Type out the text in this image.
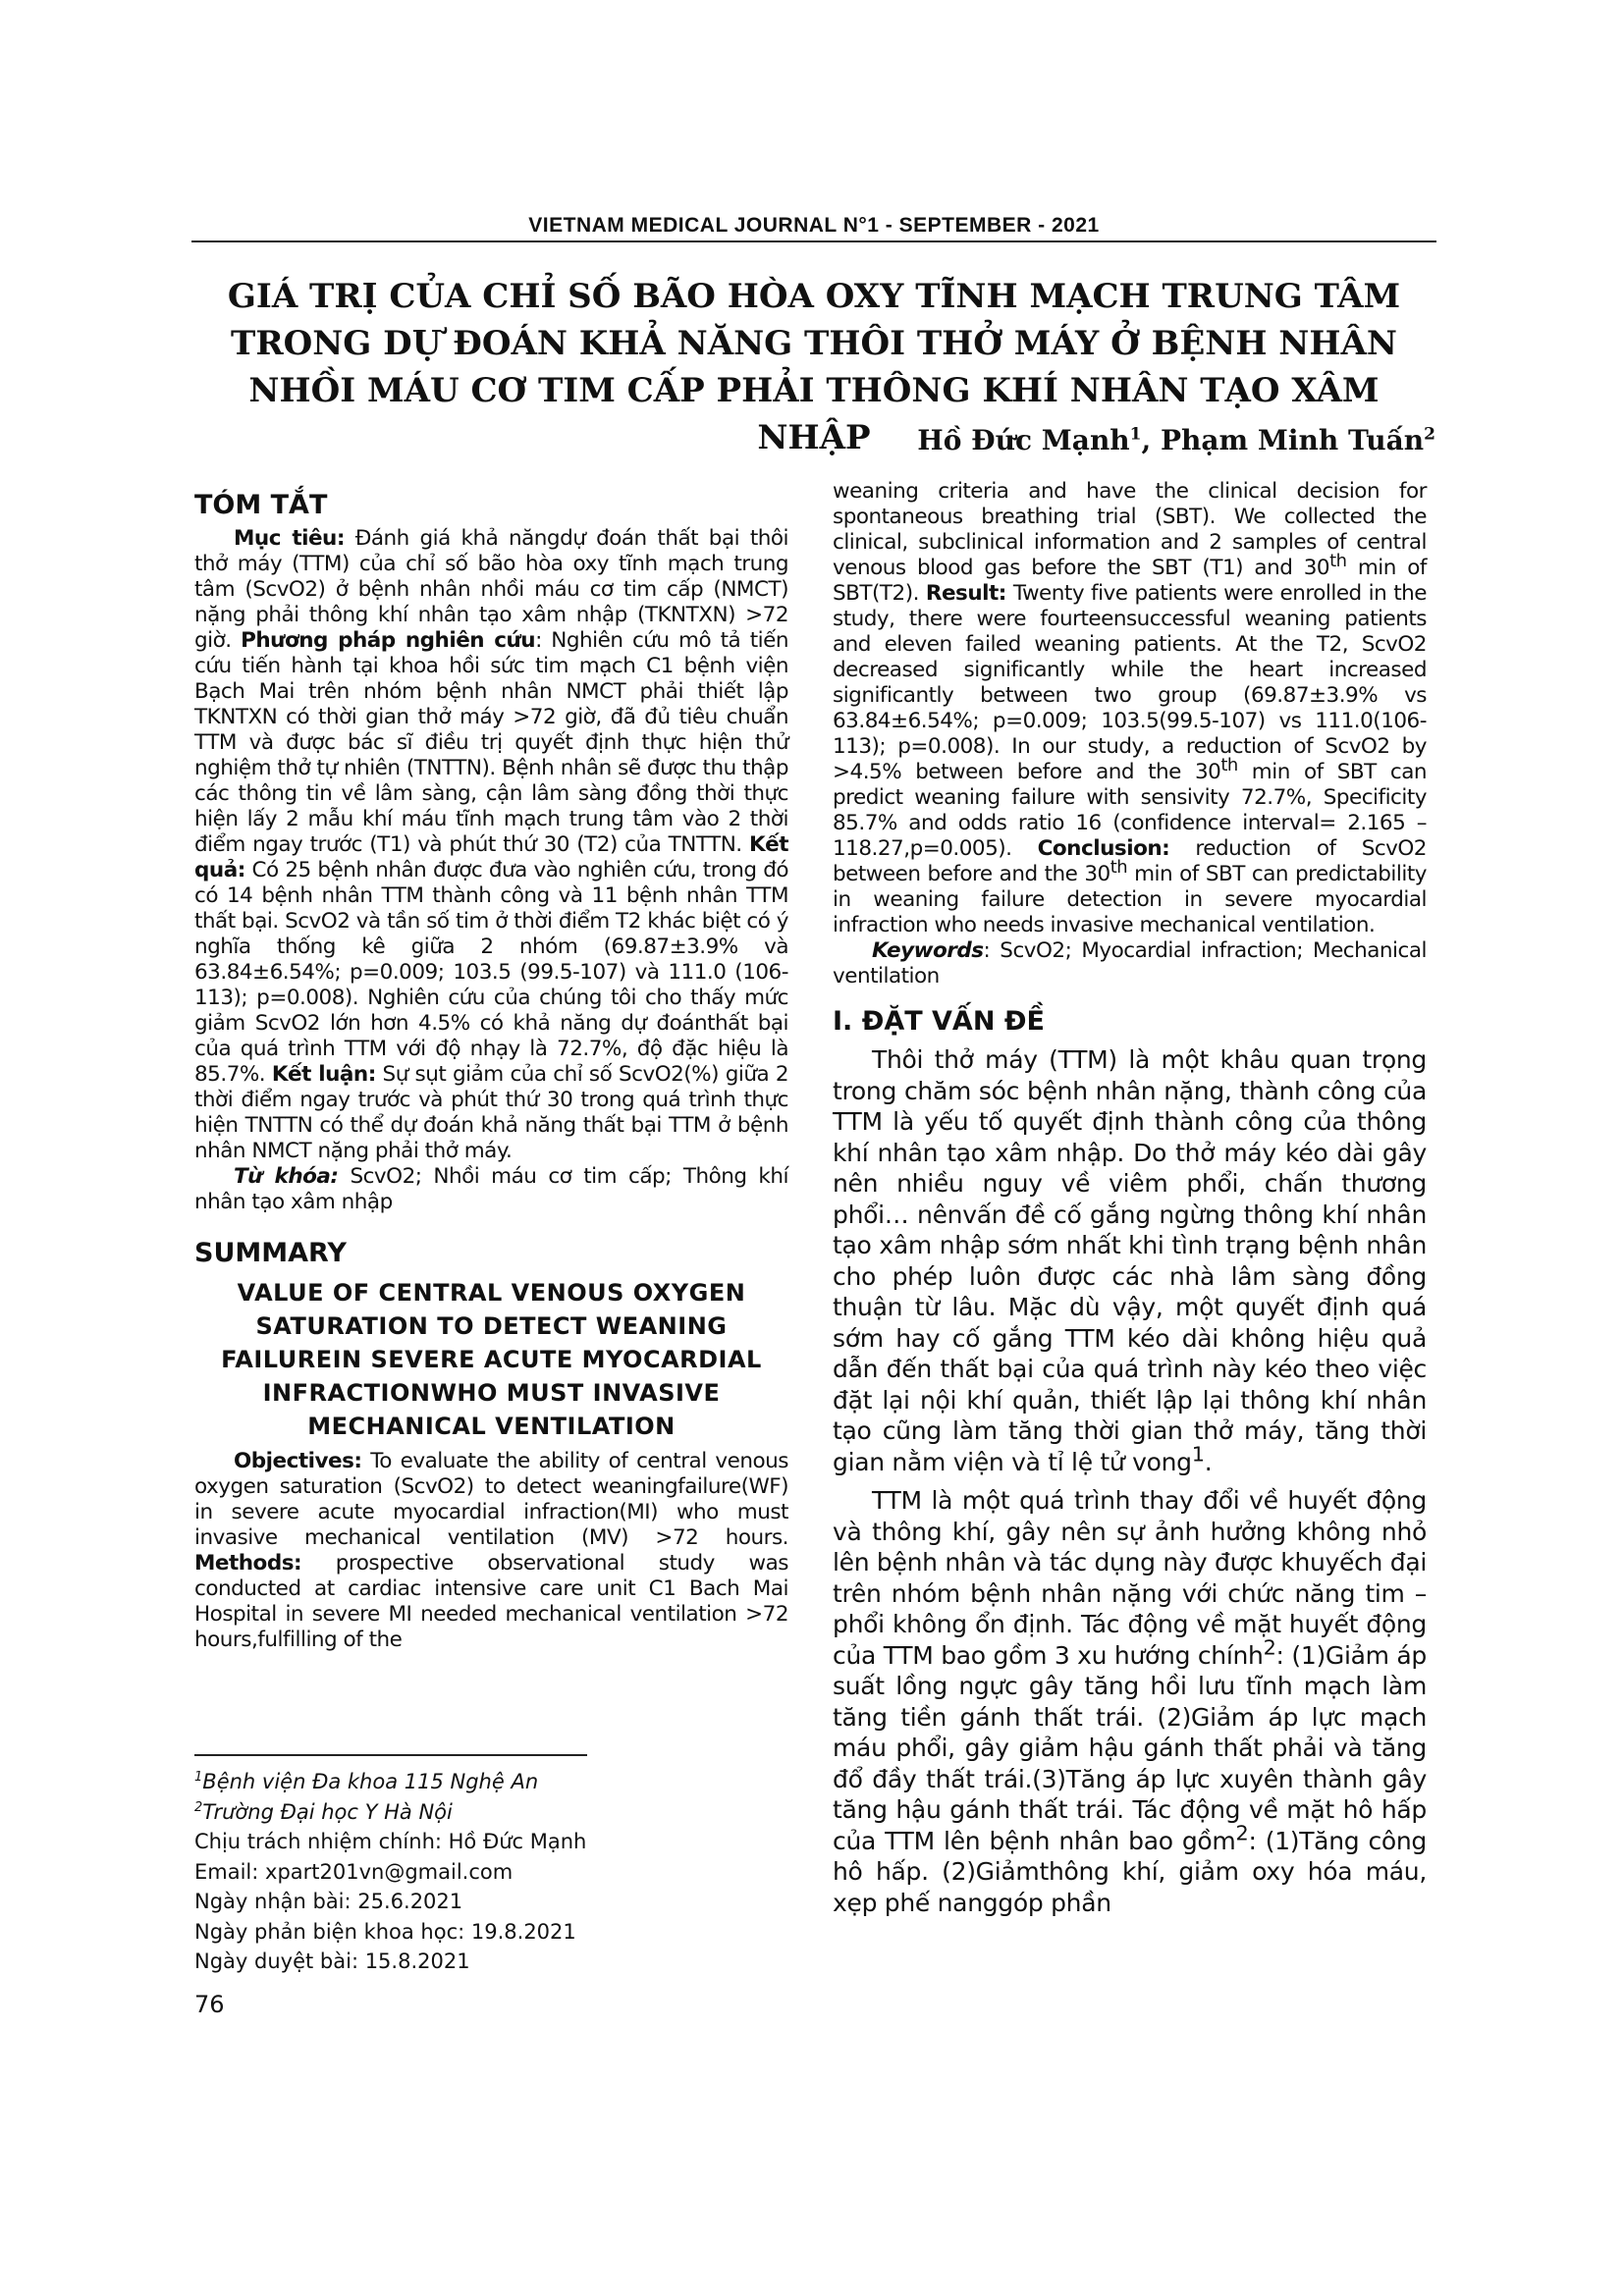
VIETNAM MEDICAL JOURNAL N°1 - SEPTEMBER - 2021
GIÁ TRỊ CỦA CHỈ SỐ BÃO HÒA OXY TĨNH MẠCH TRUNG TÂM
TRONG DỰ ĐOÁN KHẢ NĂNG THÔI THỞ MÁY Ở BỆNH NHÂN
NHỒI MÁU CƠ TIM CẤP PHẢI THÔNG KHÍ NHÂN TẠO XÂM NHẬP	Hồ Đức Mạnh$^1$, Phạm Minh Tuấn$^2$
TÓM TẮT

Mục tiêu: Đánh giá khả năngdự đoán thất bại thôi thở máy (TTM) của chỉ số bão hòa oxy tĩnh mạch trung tâm (ScvO2) ở bệnh nhân nhồi máu cơ tim cấp (NMCT) nặng phải thông khí nhân tạo xâm nhập (TKNTXN) >72 giờ. Phương pháp nghiên cứu: Nghiên cứu mô tả tiến cứu tiến hành tại khoa hồi sức tim mạch C1 bệnh viện Bạch Mai trên nhóm bệnh nhân NMCT phải thiết lập TKNTXN có thời gian thở máy >72 giờ, đã đủ tiêu chuẩn TTM và được bác sĩ điều trị quyết định thực hiện thử nghiệm thở tự nhiên (TNTTN). Bệnh nhân sẽ được thu thập các thông tin về lâm sàng, cận lâm sàng đồng thời thực hiện lấy 2 mẫu khí máu tĩnh mạch trung tâm vào 2 thời điểm ngay trước (T1) và phút thứ 30 (T2) của TNTTN. Kết quả: Có 25 bệnh nhân được đưa vào nghiên cứu, trong đó có 14 bệnh nhân TTM thành công và 11 bệnh nhân TTM thất bại. ScvO2 và tần số tim ở thời điểm T2 khác biệt có ý nghĩa thống kê giữa 2 nhóm (69.87±3.9% và 63.84±6.54%; p=0.009; 103.5 (99.5-107) và 111.0 (106-113); p=0.008). Nghiên cứu của chúng tôi cho thấy mức giảm ScvO2 lớn hơn 4.5% có khả năng dự đoánthất bại của quá trình TTM với độ nhạy là 72.7%, độ đặc hiệu là 85.7%. Kết luận: Sự sụt giảm của chỉ số ScvO2(%) giữa 2 thời điểm ngay trước và phút thứ 30 trong quá trình thực hiện TNTTN có thể dự đoán khả năng thất bại TTM ở bệnh nhân NMCT nặng phải thở máy.

Từ khóa: ScvO2; Nhồi máu cơ tim cấp; Thông khí nhân tạo xâm nhập

SUMMARY
VALUE OF CENTRAL VENOUS OXYGEN SATURATION TO DETECT WEANING FAILUREIN SEVERE ACUTE MYOCARDIAL INFRACTIONWHO MUST INVASIVE MECHANICAL VENTILATION

Objectives: To evaluate the ability of central venous oxygen saturation (ScvO2) to detect weaningfailure(WF) in severe acute myocardial infraction(MI) who must invasive mechanical ventilation (MV) >72 hours. Methods: prospective observational study was conducted at cardiac intensive care unit C1 Bach Mai Hospital in severe MI needed mechanical ventilation >72 hours,fulfilling of the

$^1$Bệnh viện Đa khoa 115 Nghệ An
$^2$Trường Đại học Y Hà Nội
Chịu trách nhiệm chính: Hồ Đức Mạnh
Email: xpart201vn@gmail.com
Ngày nhận bài: 25.6.2021
Ngày phản biện khoa học: 19.8.2021
Ngày duyệt bài: 15.8.2021
76

weaning criteria and have the clinical decision for spontaneous breathing trial (SBT). We collected the clinical, subclinical information and 2 samples of central venous blood gas before the SBT (T1) and 30th min of SBT(T2). Result: Twenty five patients were enrolled in the study, there were fourteensuccessful weaning patients and eleven failed weaning patients. At the T2, ScvO2 decreased significantly while the heart increased significantly between two group (69.87±3.9% vs 63.84±6.54%; p=0.009; 103.5(99.5-107) vs 111.0(106-113); p=0.008). In our study, a reduction of ScvO2 by >4.5% between before and the 30th min of SBT can predict weaning failure with sensivity 72.7%, Specificity 85.7% and odds ratio 16 (confidence interval= 2.165 – 118.27,p=0.005). Conclusion: reduction of ScvO2 between before and the 30th min of SBT can predictability in weaning failure detection in severe myocardial infraction who needs invasive mechanical ventilation.

Keywords: ScvO2; Myocardial infraction; Mechanical ventilation

I. ĐẶT VẤN ĐỀ

Thôi thở máy (TTM) là một khâu quan trọng trong chăm sóc bệnh nhân nặng, thành công của TTM là yếu tố quyết định thành công của thông khí nhân tạo xâm nhập. Do thở máy kéo dài gây nên nhiều nguy về viêm phổi, chấn thương phổi… nênvấn đề cố gắng ngừng thông khí nhân tạo xâm nhập sớm nhất khi tình trạng bệnh nhân cho phép luôn được các nhà lâm sàng đồng thuận từ lâu. Mặc dù vậy, một quyết định quá sớm hay cố gắng TTM kéo dài không hiệu quả dẫn đến thất bại của quá trình này kéo theo việc đặt lại nội khí quản, thiết lập lại thông khí nhân tạo cũng làm tăng thời gian thở máy, tăng thời gian nằm viện và tỉ lệ tử vong$^1$.

TTM là một quá trình thay đổi về huyết động và thông khí, gây nên sự ảnh hưởng không nhỏ lên bệnh nhân và tác dụng này được khuyếch đại trên nhóm bệnh nhân nặng với chức năng tim – phổi không ổn định. Tác động về mặt huyết động của TTM bao gồm 3 xu hướng chính$^2$: (1)Giảm áp suất lồng ngực gây tăng hồi lưu tĩnh mạch làm tăng tiền gánh thất trái. (2)Giảm áp lực mạch máu phổi, gây giảm hậu gánh thất phải và tăng đổ đầy thất trái.(3)Tăng áp lực xuyên thành gây tăng hậu gánh thất trái. Tác động về mặt hô hấp của TTM lên bệnh nhân bao gồm$^2$: (1)Tăng công hô hấp. (2)Giảmthông khí, giảm oxy hóa máu, xẹp phế nanggóp phần
